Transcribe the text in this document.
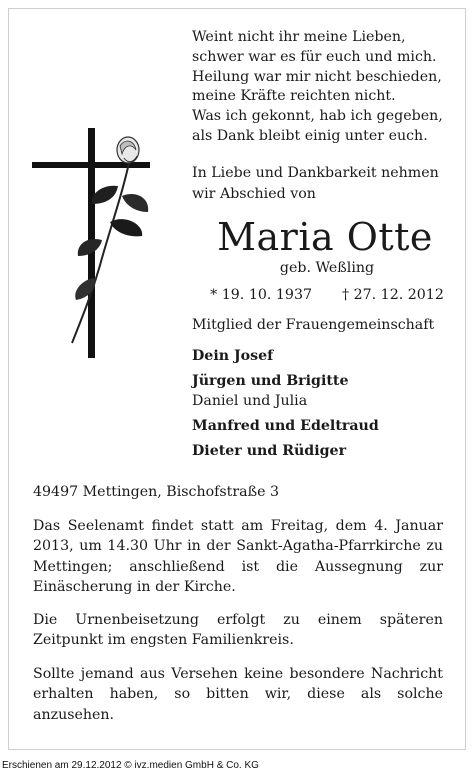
Weint nicht ihr meine Lieben,
schwer war es für euch und mich.
Heilung war mir nicht beschieden,
meine Kräfte reichten nicht.
Was ich gekonnt, hab ich gegeben,
als Dank bleibt einig unter euch.
In Liebe und Dankbarkeit nehmen
wir Abschied von
Maria Otte
geb. Weßling
* 19. 10. 1937 † 27. 12. 2012
Mitglied der Frauengemeinschaft
Dein Josef
Jürgen und Brigitte
Daniel und Julia
Manfred und Edeltraud
Dieter und Rüdiger
49497 Mettingen, Bischofstraße 3

Das Seelenamt findet statt am Freitag, dem 4. Januar 2013, um 14.30 Uhr in der Sankt-Agatha-Pfarrkirche zu Mettingen; anschließend ist die Aussegnung zur Einäscherung in der Kirche.

Die Urnenbeisetzung erfolgt zu einem späteren Zeitpunkt im engsten Familienkreis.

Sollte jemand aus Versehen keine besondere Nachricht erhalten haben, so bitten wir, diese als solche anzusehen.

Erschienen am 29.12.2012 © ivz.medien GmbH & Co. KG
